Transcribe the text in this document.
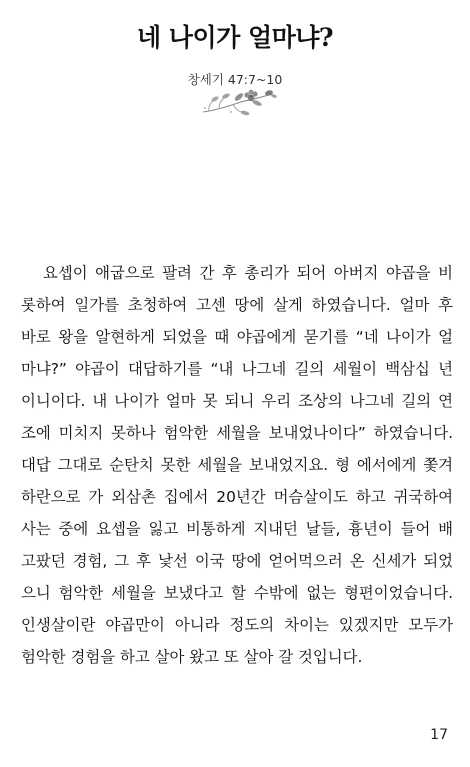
네 나이가 얼마냐?
창세기 47:7~10
요셉이 애굽으로 팔려 간 후 총리가 되어 아버지 야곱을 비
롯하여 일가를 초청하여 고센 땅에 살게 하였습니다. 얼마 후
바로 왕을 알현하게 되었을 때 야곱에게 묻기를 “네 나이가 얼
마냐?” 야곱이 대답하기를 “내 나그네 길의 세월이 백삼십 년
이니이다. 내 나이가 얼마 못 되니 우리 조상의 나그네 길의 연
조에 미치지 못하나 험악한 세월을 보내었나이다” 하였습니다.
대답 그대로 순탄치 못한 세월을 보내었지요. 형 에서에게 쫓겨
하란으로 가 외삼촌 집에서 20년간 머슴살이도 하고 귀국하여
사는 중에 요셉을 잃고 비통하게 지내던 날들, 흉년이 들어 배
고팠던 경험, 그 후 낯선 이국 땅에 얻어먹으러 온 신세가 되었
으니 험악한 세월을 보냈다고 할 수밖에 없는 형편이었습니다.
인생살이란 야곱만이 아니라 정도의 차이는 있겠지만 모두가
험악한 경험을 하고 살아 왔고 또 살아 갈 것입니다.
17
